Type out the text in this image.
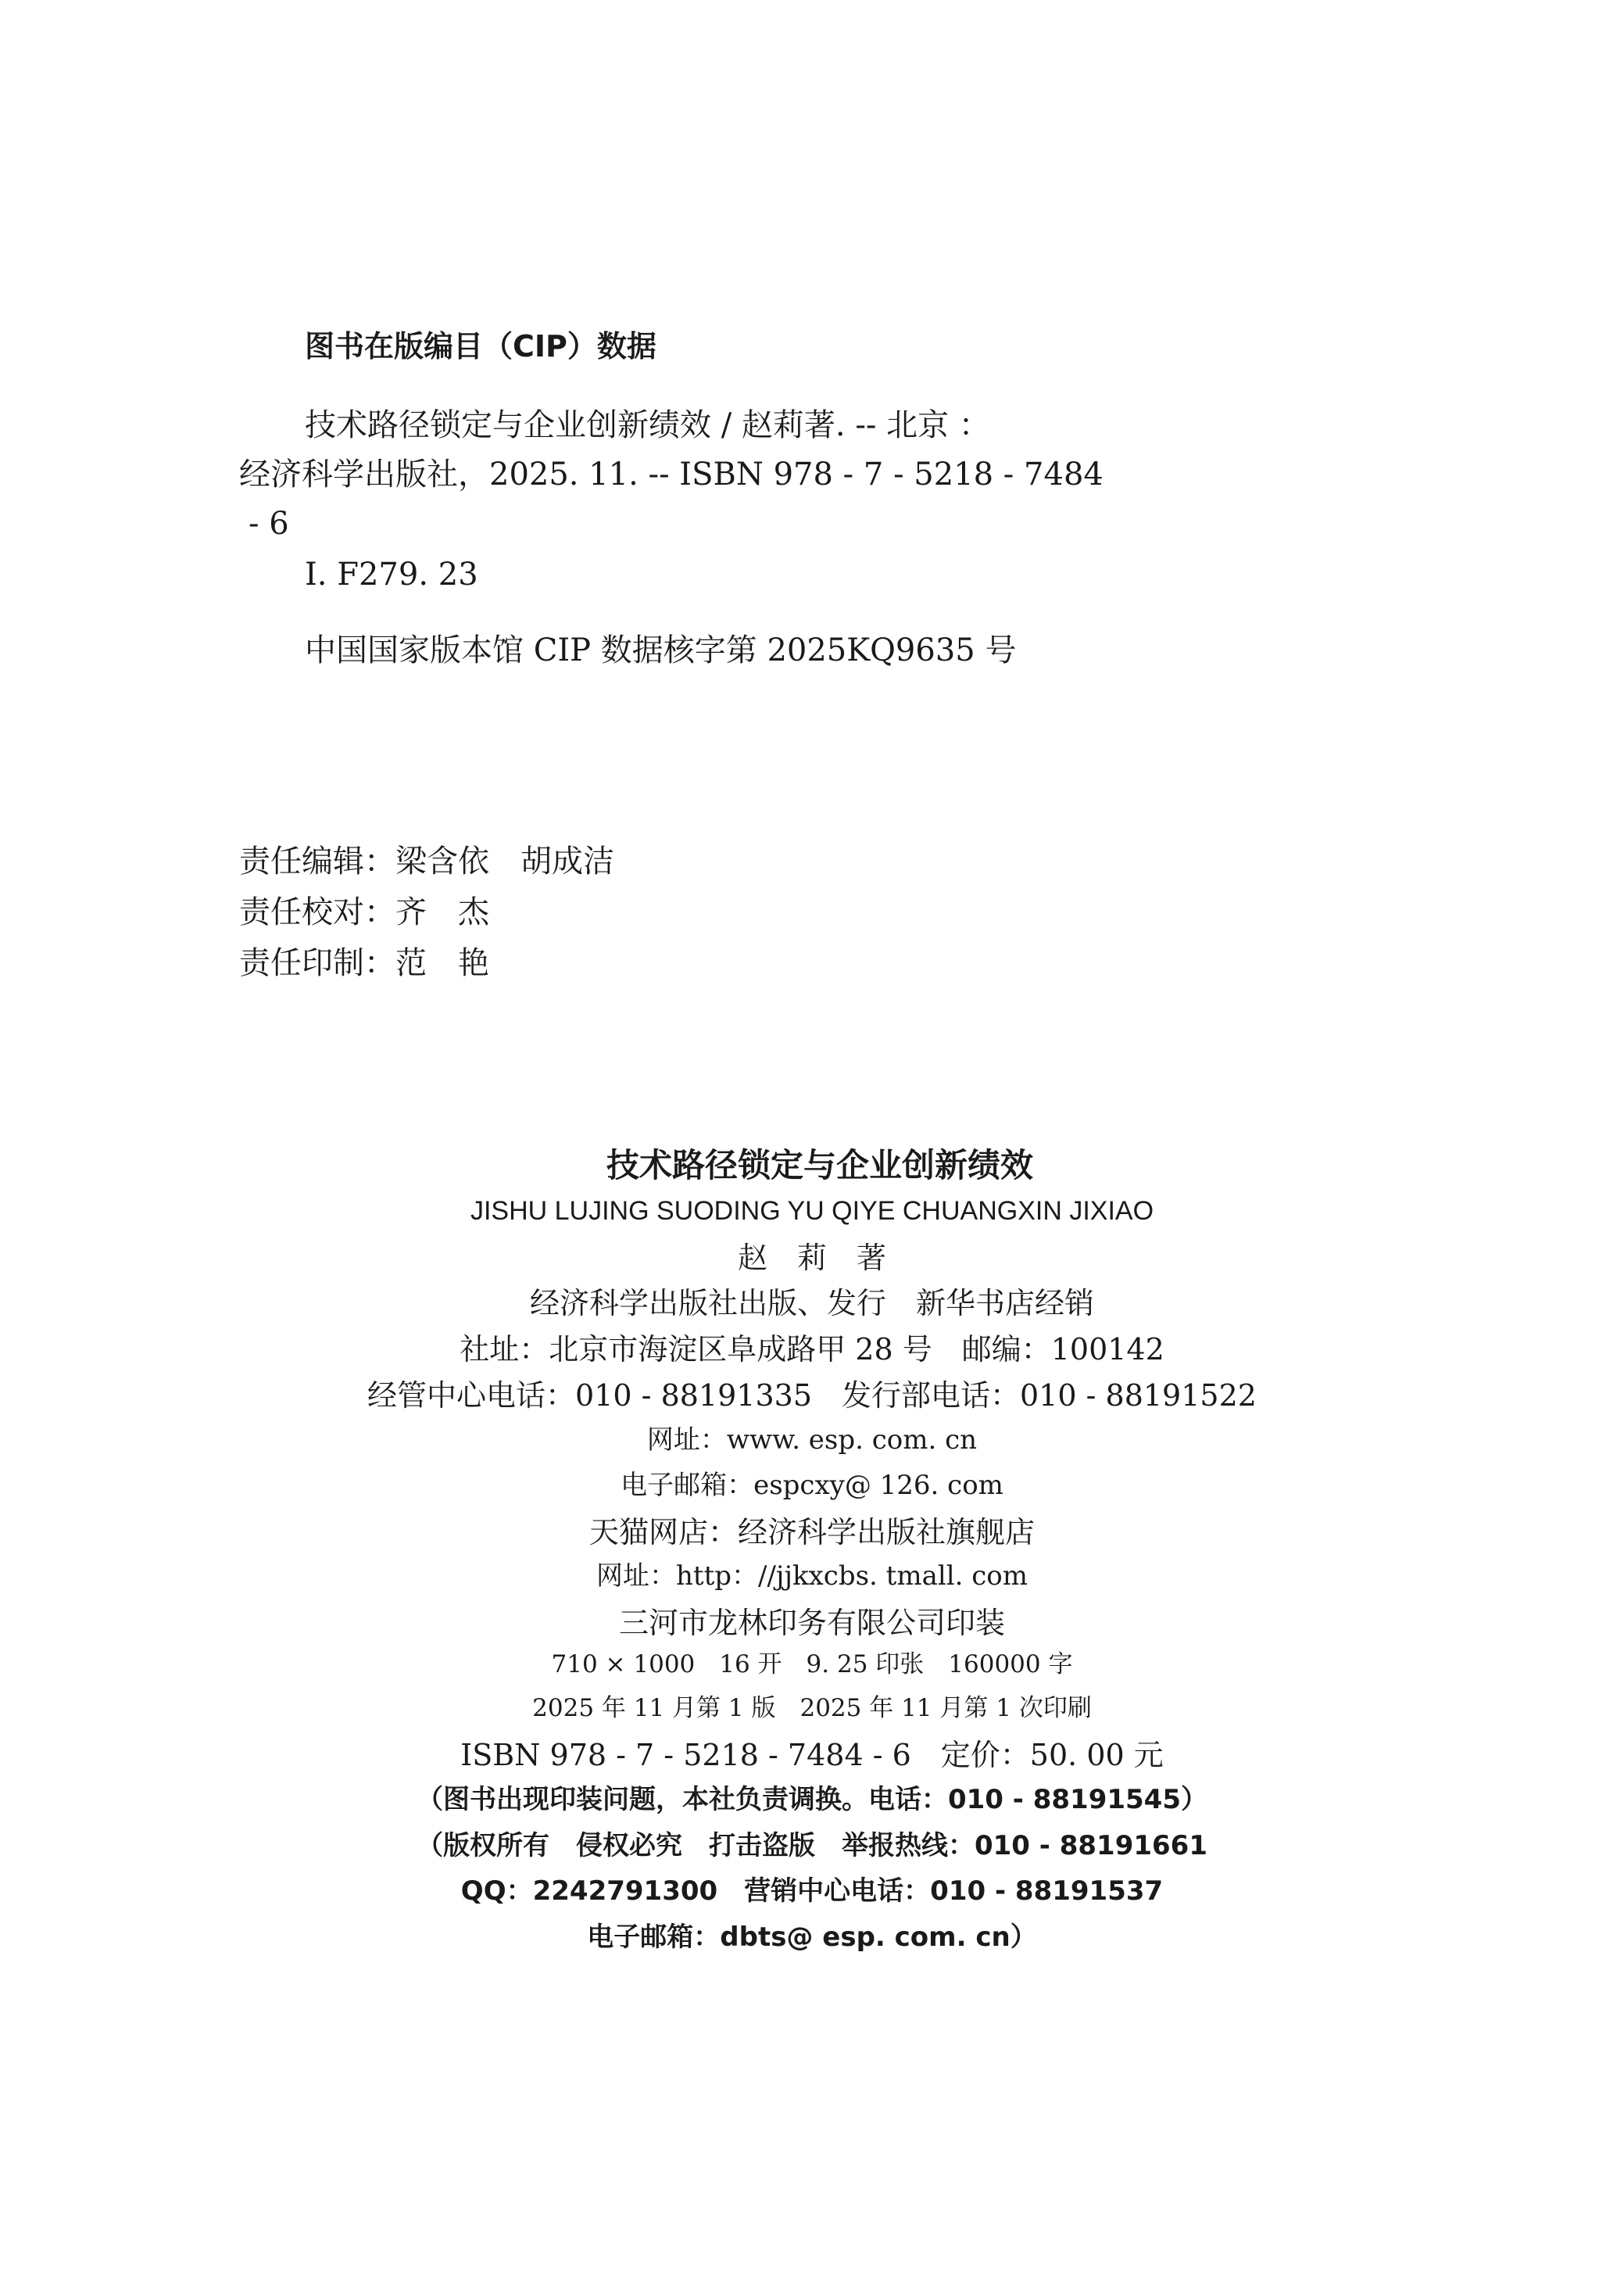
图书在版编目（CIP）数据
技术路径锁定与企业创新绩效 / 赵莉著. -- 北京 ：
经济科学出版社，2025. 11. -- ISBN 978 - 7 - 5218 - 7484
- 6
Ⅰ. F279. 23
中国国家版本馆 CIP 数据核字第 2025KQ9635 号
责任编辑：梁含依　胡成洁
责任校对：齐　杰
责任印制：范　艳
技术路径锁定与企业创新绩效
JISHU LUJING SUODING YU QIYE CHUANGXIN JIXIAO
赵　莉　著
经济科学出版社出版、发行　新华书店经销
社址：北京市海淀区阜成路甲 28 号　邮编：100142
经管中心电话：010 - 88191335　发行部电话：010 - 88191522
网址：www. esp. com. cn
电子邮箱：espcxy@ 126. com
天猫网店：经济科学出版社旗舰店
网址：http：//jjkxcbs. tmall. com
三河市龙林印务有限公司印装
710 × 1000　16 开　9. 25 印张　160000 字
2025 年 11 月第 1 版　2025 年 11 月第 1 次印刷
ISBN 978 - 7 - 5218 - 7484 - 6　定价：50. 00 元
（图书出现印装问题，本社负责调换。电话：010 - 88191545）
（版权所有　侵权必究　打击盗版　举报热线：010 - 88191661
QQ：2242791300　营销中心电话：010 - 88191537
电子邮箱：dbts@ esp. com. cn）
